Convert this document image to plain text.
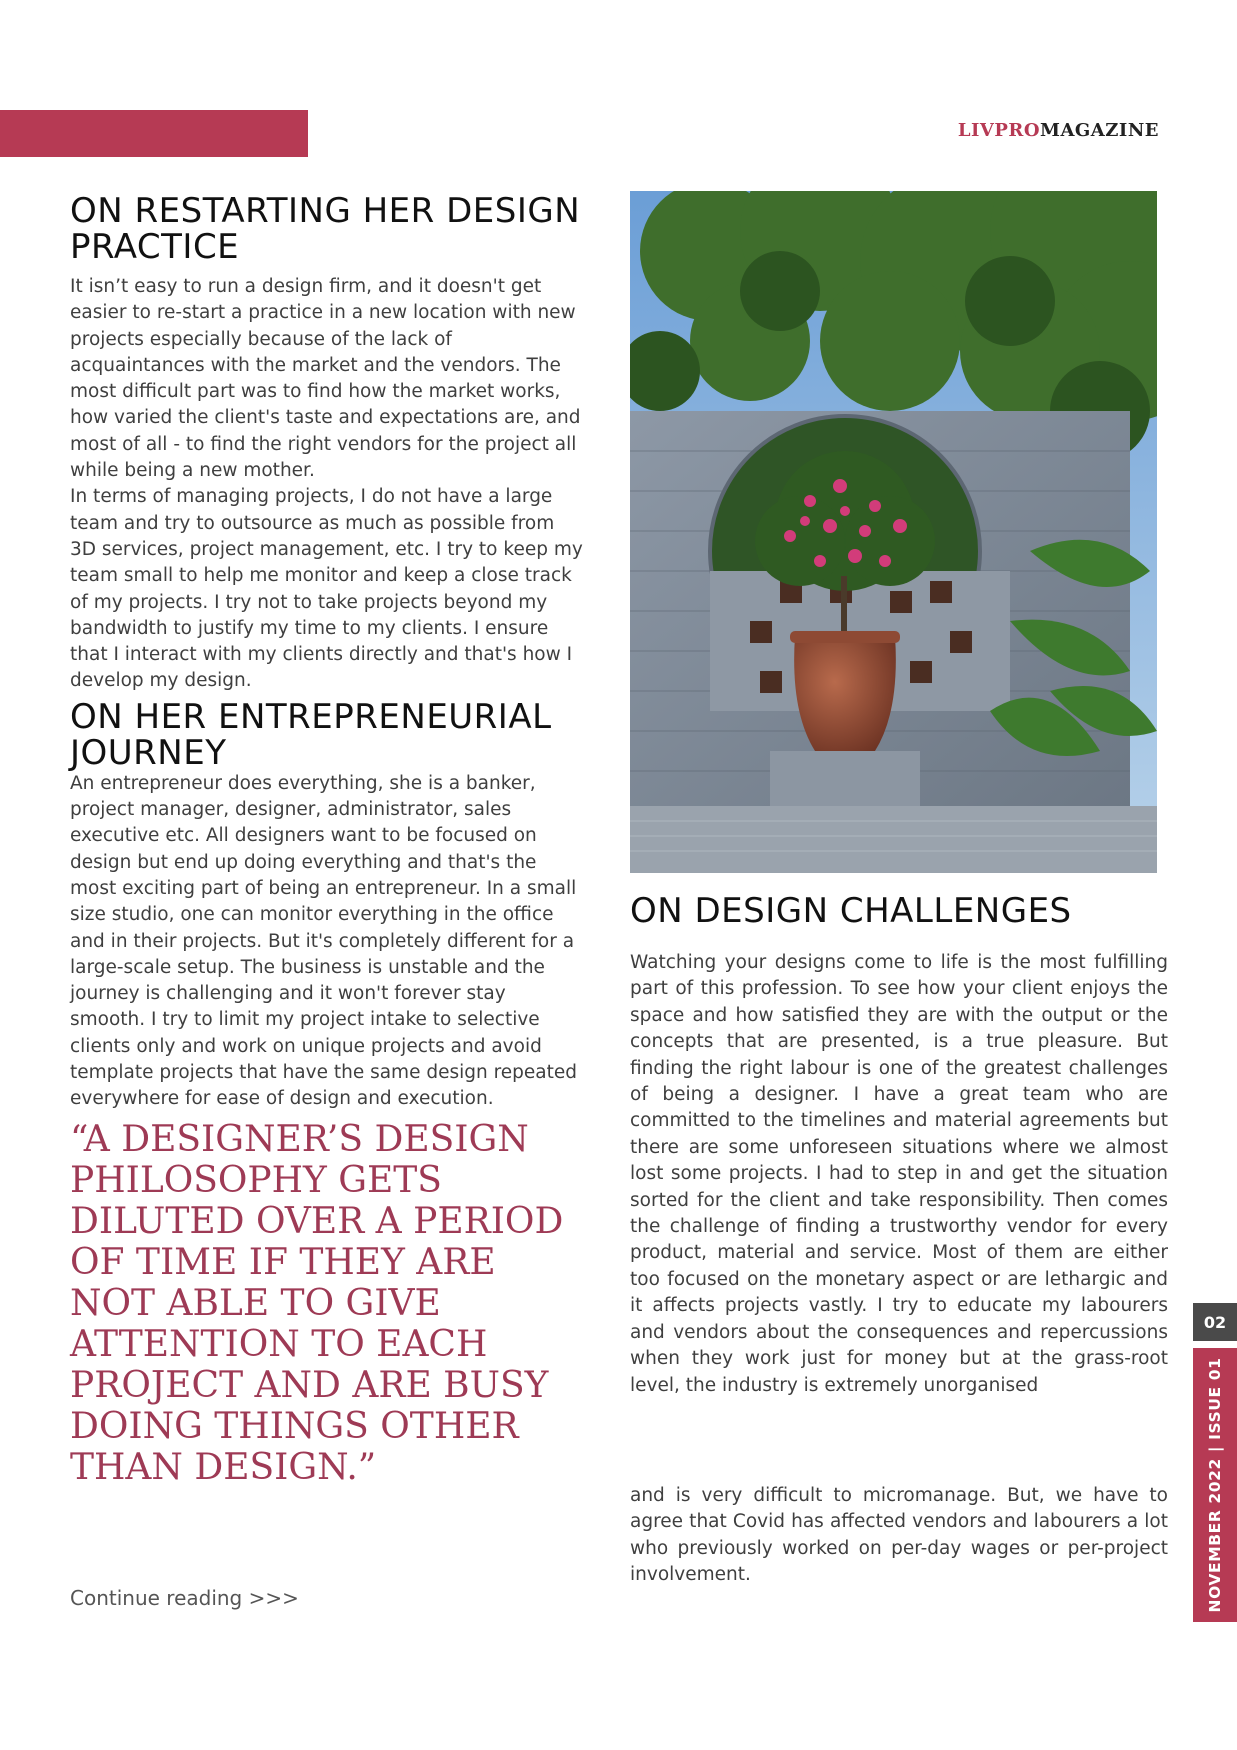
LIVPROMAGAZINE
ON RESTARTING HER DESIGN PRACTICE

It isn’t easy to run a design firm, and it doesn't get easier to re-start a practice in a new location with new projects especially because of the lack of acquaintances with the market and the vendors. The most difficult part was to find how the market works, how varied the client's taste and expectations are, and most of all - to find the right vendors for the project all while being a new mother.

In terms of managing projects, I do not have a large team and try to outsource as much as possible from 3D services, project management, etc. I try to keep my team small to help me monitor and keep a close track of my projects. I try not to take projects beyond my bandwidth to justify my time to my clients. I ensure that I interact with my clients directly and that's how I develop my design.

ON HER ENTREPRENEURIAL JOURNEY

An entrepreneur does everything, she is a banker, project manager, designer, administrator, sales executive etc. All designers want to be focused on design but end up doing everything and that's the most exciting part of being an entrepreneur. In a small size studio, one can monitor everything in the office and in their projects. But it's completely different for a large-scale setup. The business is unstable and the journey is challenging and it won't forever stay smooth. I try to limit my project intake to selective clients only and work on unique projects and avoid template projects that have the same design repeated everywhere for ease of design and execution.

“A DESIGNER’S DESIGN PHILOSOPHY GETS DILUTED OVER A PERIOD OF TIME IF THEY ARE NOT ABLE TO GIVE ATTENTION TO EACH PROJECT AND ARE BUSY DOING THINGS OTHER THAN DESIGN.”

Continue reading >>>
ON DESIGN CHALLENGES

Watching your designs come to life is the most fulfilling part of this profession. To see how your client enjoys the space and how satisfied they are with the output or the concepts that are presented, is a true pleasure. But finding the right labour is one of the greatest challenges of being a designer. I have a great team who are committed to the timelines and material agreements but there are some unforeseen situations where we almost lost some projects. I had to step in and get the situation sorted for the client and take responsibility. Then comes the challenge of finding a trustworthy vendor for every product, material and service. Most of them are either too focused on the monetary aspect or are lethargic and it affects projects vastly. I try to educate my labourers and vendors about the consequences and repercussions when they work just for money but at the grass-root level, the industry is extremely unorganised

and is very difficult to micromanage. But, we have to agree that Covid has affected vendors and labourers a lot who previously worked on per-day wages or per-project involvement.

02
NOVEMBER 2022 | ISSUE 01
